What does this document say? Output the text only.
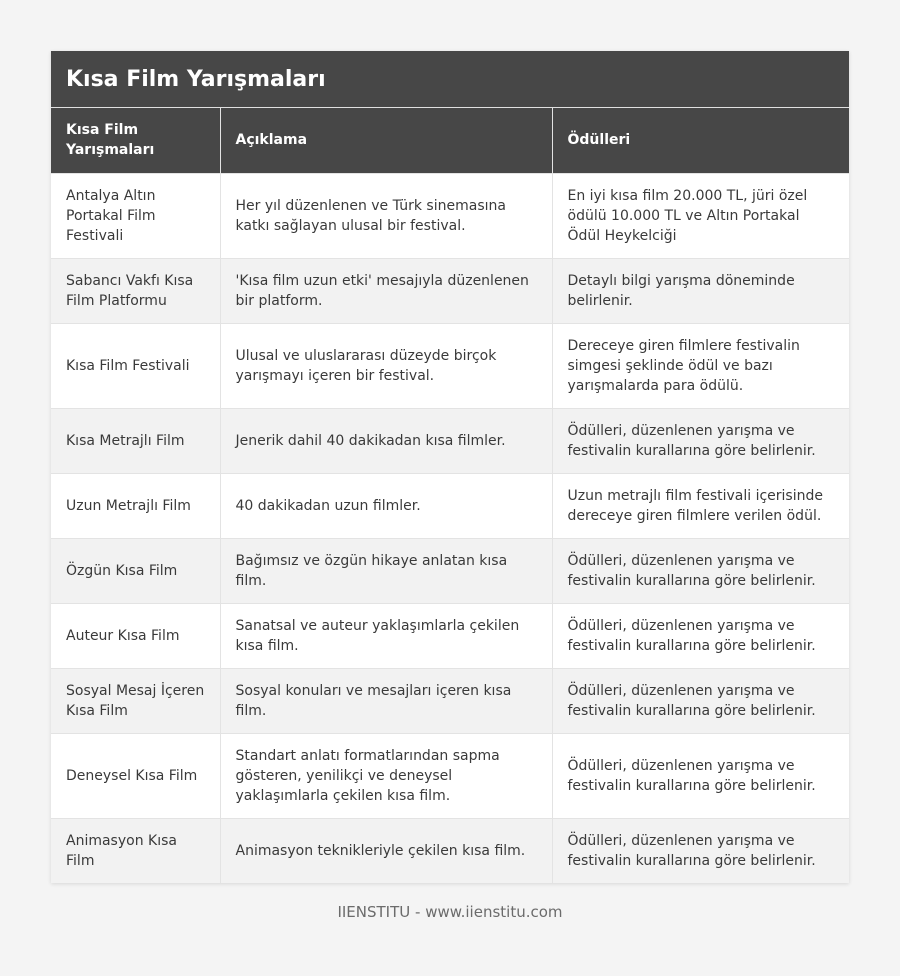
Kısa Film Yarışmaları
Kısa Film Yarışmaları	Açıklama	Ödülleri
Antalya Altın Portakal Film Festivali	Her yıl düzenlenen ve Türk sinemasına katkı sağlayan ulusal bir festival.	En iyi kısa film 20.000 TL, jüri özel ödülü 10.000 TL ve Altın Portakal Ödül Heykelciği
Sabancı Vakfı Kısa Film Platformu	'Kısa film uzun etki' mesajıyla düzenlenen bir platform.	Detaylı bilgi yarışma döneminde belirlenir.
Kısa Film Festivali	Ulusal ve uluslararası düzeyde birçok yarışmayı içeren bir festival.	Dereceye giren filmlere festivalin simgesi şeklinde ödül ve bazı yarışmalarda para ödülü.
Kısa Metrajlı Film	Jenerik dahil 40 dakikadan kısa filmler.	Ödülleri, düzenlenen yarışma ve festivalin kurallarına göre belirlenir.
Uzun Metrajlı Film	40 dakikadan uzun filmler.	Uzun metrajlı film festivali içerisinde dereceye giren filmlere verilen ödül.
Özgün Kısa Film	Bağımsız ve özgün hikaye anlatan kısa film.	Ödülleri, düzenlenen yarışma ve festivalin kurallarına göre belirlenir.
Auteur Kısa Film	Sanatsal ve auteur yaklaşımlarla çekilen kısa film.	Ödülleri, düzenlenen yarışma ve festivalin kurallarına göre belirlenir.
Sosyal Mesaj İçeren Kısa Film	Sosyal konuları ve mesajları içeren kısa film.	Ödülleri, düzenlenen yarışma ve festivalin kurallarına göre belirlenir.
Deneysel Kısa Film	Standart anlatı formatlarından sapma gösteren, yenilikçi ve deneysel yaklaşımlarla çekilen kısa film.	Ödülleri, düzenlenen yarışma ve festivalin kurallarına göre belirlenir.
Animasyon Kısa Film	Animasyon teknikleriyle çekilen kısa film.	Ödülleri, düzenlenen yarışma ve festivalin kurallarına göre belirlenir.
IIENSTITU - www.iienstitu.com
